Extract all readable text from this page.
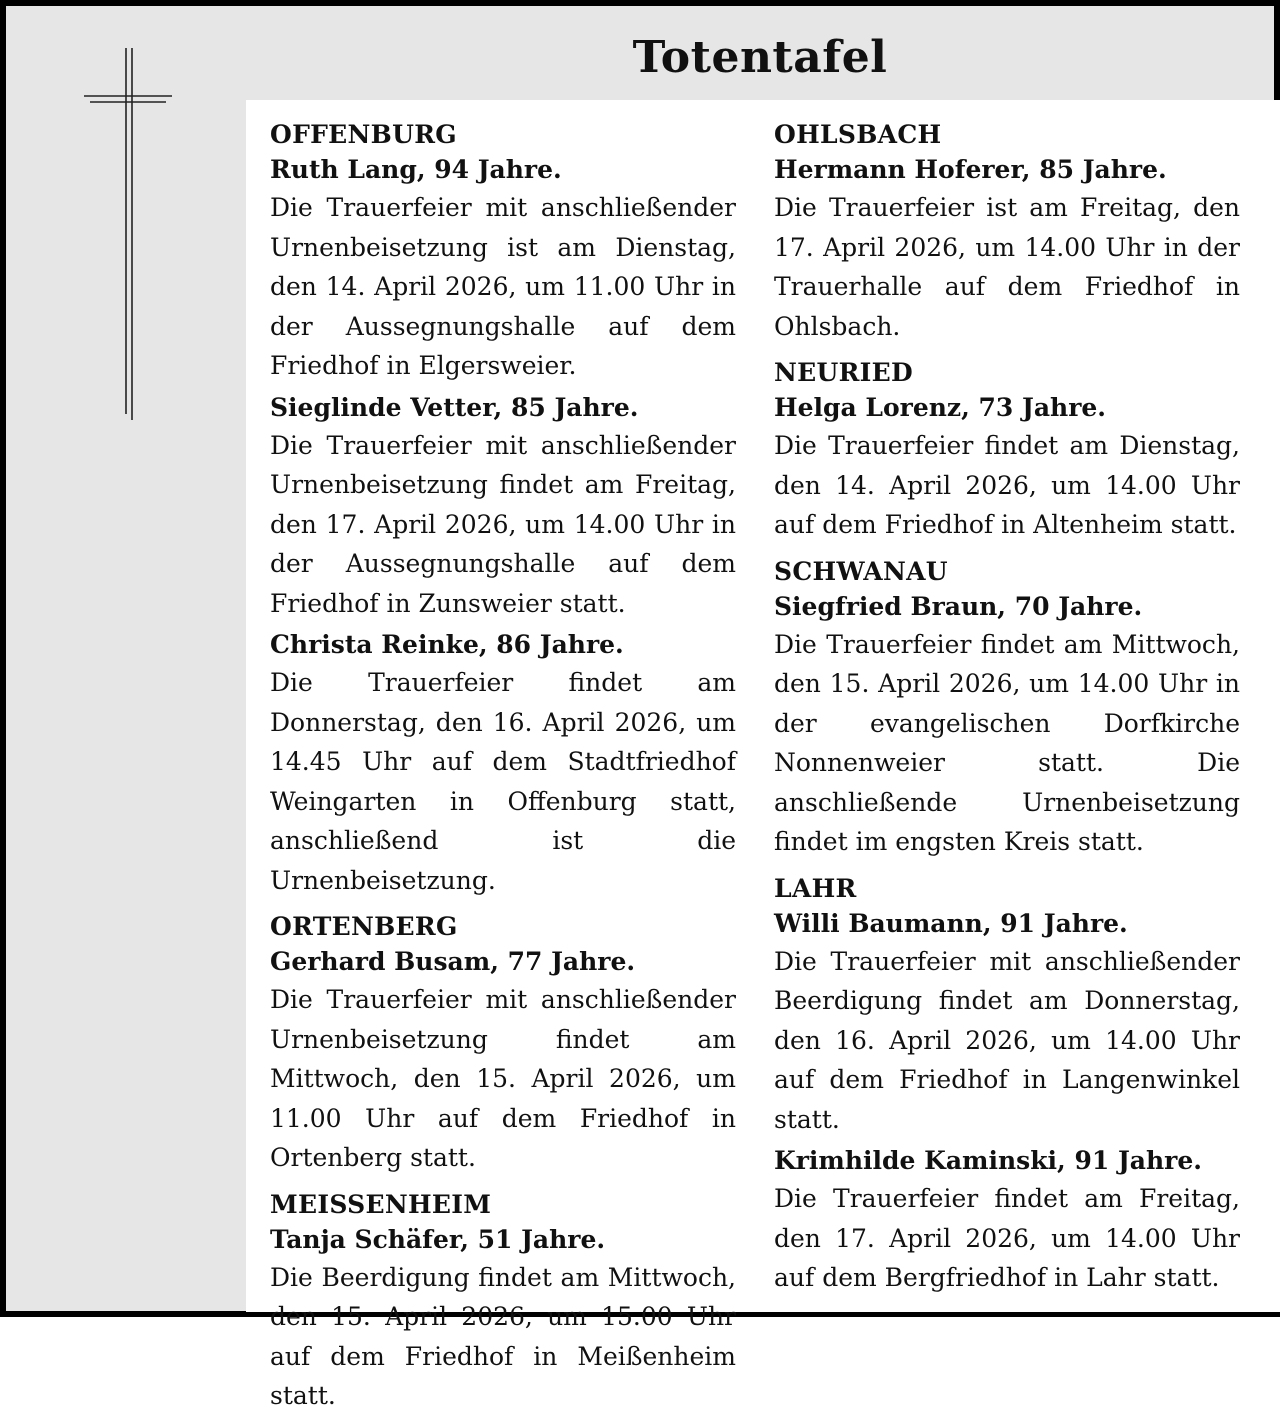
Totentafel
OFFENBURG
Ruth Lang, 94 Jahre.
Die Trauerfeier mit anschließender Urnenbeisetzung ist am Dienstag, den 14. April 2026, um 11.00 Uhr in der Aussegnungshalle auf dem Friedhof in Elgersweier.
Sieglinde Vetter, 85 Jahre.
Die Trauerfeier mit anschließender Urnenbeisetzung findet am Freitag, den 17. April 2026, um 14.00 Uhr in der Aussegnungshalle auf dem Friedhof in Zunsweier statt.
Christa Reinke, 86 Jahre.
Die Trauerfeier findet am Donnerstag, den 16. April 2026, um 14.45 Uhr auf dem Stadtfriedhof Weingarten in Offenburg statt, anschließend ist die Urnenbeisetzung.
ORTENBERG
Gerhard Busam, 77 Jahre.
Die Trauerfeier mit anschließender Urnenbeisetzung findet am Mittwoch, den 15. April 2026, um 11.00 Uhr auf dem Friedhof in Ortenberg statt.
MEISSENHEIM
Tanja Schäfer, 51 Jahre.
Die Beerdigung findet am Mittwoch, den 15. April 2026, um 15.00 Uhr auf dem Friedhof in Meißenheim statt.
OHLSBACH
Hermann Hoferer, 85 Jahre.
Die Trauerfeier ist am Freitag, den 17. April 2026, um 14.00 Uhr in der Trauerhalle auf dem Friedhof in Ohlsbach.
NEURIED
Helga Lorenz, 73 Jahre.
Die Trauerfeier findet am Dienstag, den 14. April 2026, um 14.00 Uhr auf dem Friedhof in Altenheim statt.
SCHWANAU
Siegfried Braun, 70 Jahre.
Die Trauerfeier findet am Mittwoch, den 15. April 2026, um 14.00 Uhr in der evangelischen Dorfkirche Nonnenweier statt. Die anschließende Urnenbeisetzung findet im engsten Kreis statt.
LAHR
Willi Baumann, 91 Jahre.
Die Trauerfeier mit anschließender Beerdigung findet am Donnerstag, den 16. April 2026, um 14.00 Uhr auf dem Friedhof in Langenwinkel statt.
Krimhilde Kaminski, 91 Jahre.
Die Trauerfeier findet am Freitag, den 17. April 2026, um 14.00 Uhr auf dem Bergfriedhof in Lahr statt.
